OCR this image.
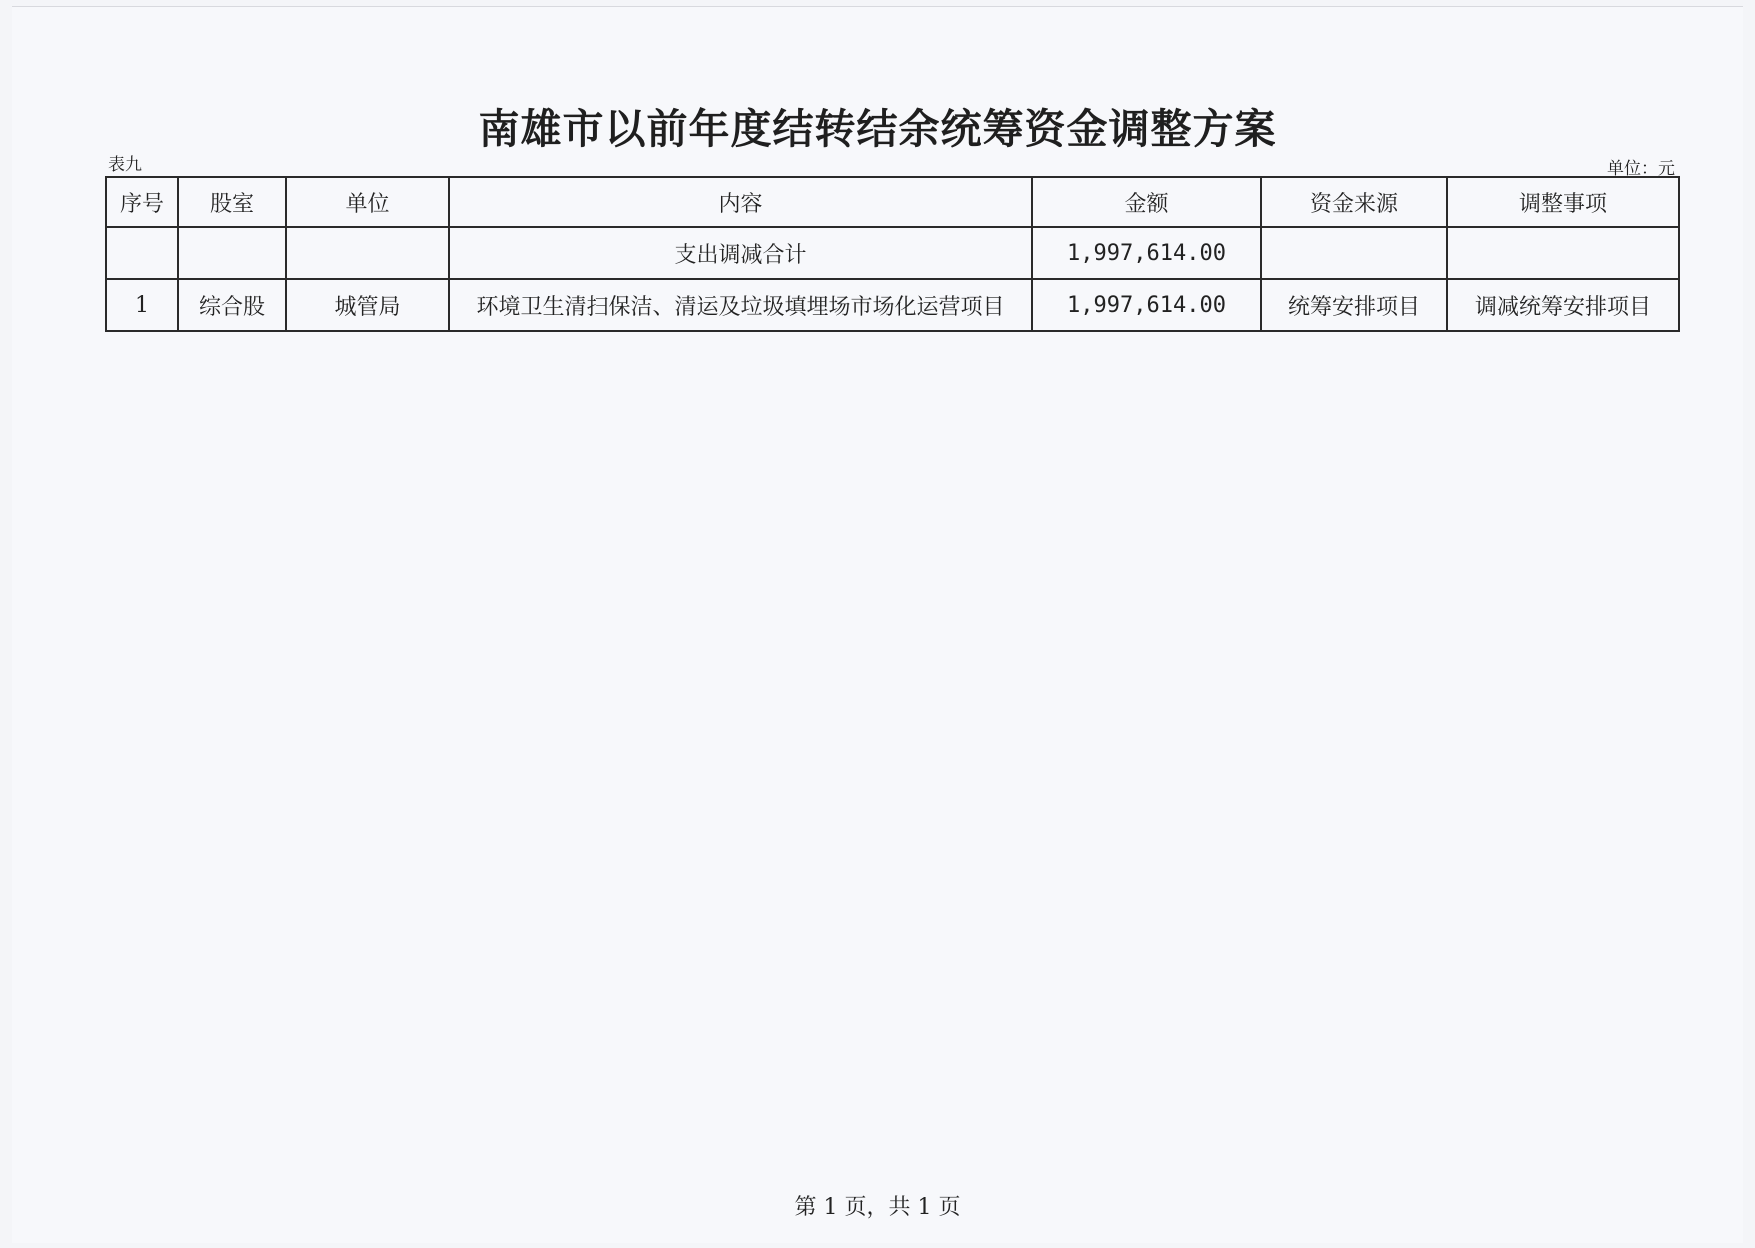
南雄市以前年度结转结余统筹资金调整方案
表九	单位：元
序号	股室	单位	内容	金额	资金来源	调整事项
			支出调减合计	1,997,614.00		
1	综合股	城管局	环境卫生清扫保洁、清运及垃圾填埋场市场化运营项目	1,997,614.00	统筹安排项目	调减统筹安排项目
第 1 页，共 1 页
